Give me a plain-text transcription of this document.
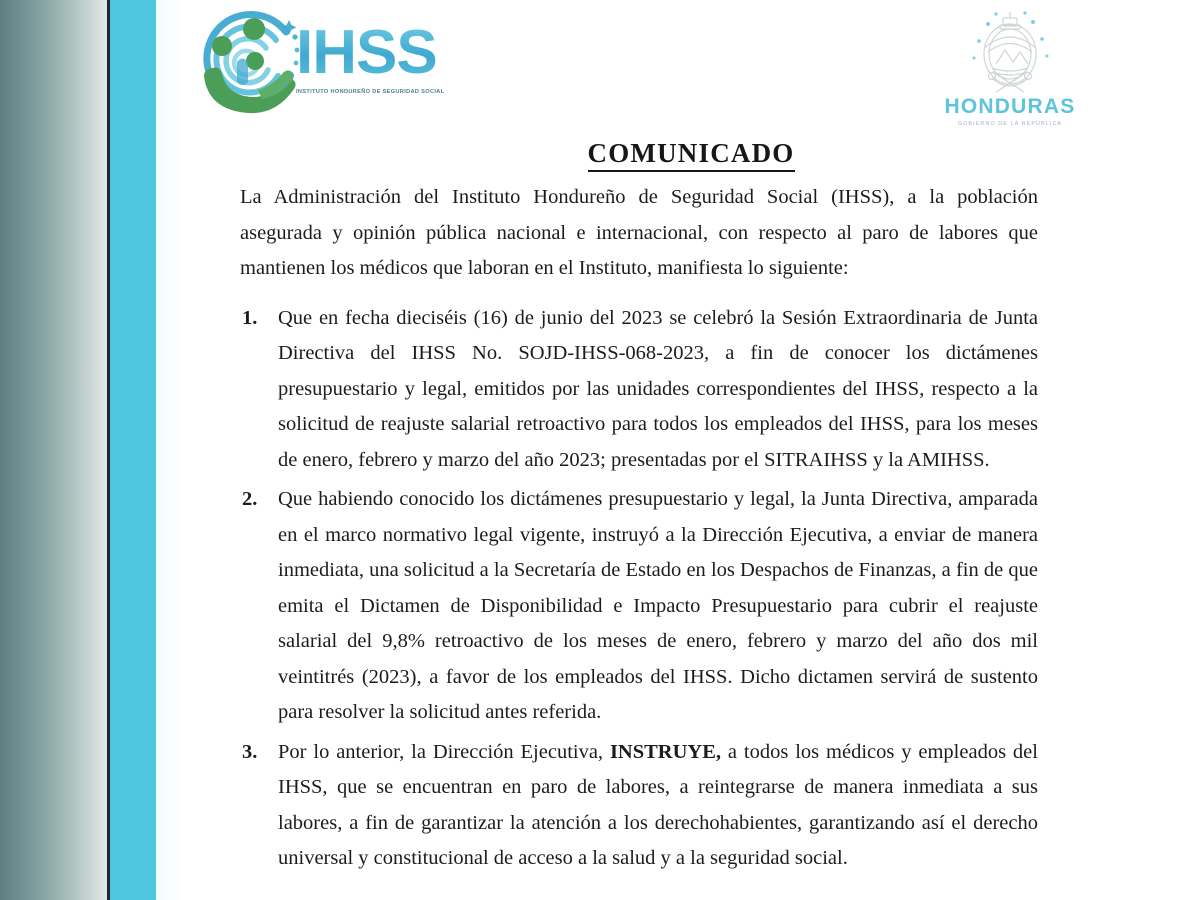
IHSS
INSTITUTO HONDUREÑO DE SEGURIDAD SOCIAL
HONDURAS
GOBIERNO DE LA REPÚBLICA
COMUNICADO

La Administración del Instituto Hondureño de Seguridad Social (IHSS), a la población asegurada y opinión pública nacional e internacional, con respecto al paro de labores que mantienen los médicos que laboran en el Instituto, manifiesta lo siguiente:

1. Que en fecha dieciséis (16) de junio del 2023 se celebró la Sesión Extraordinaria de Junta Directiva del IHSS No. SOJD-IHSS-068-2023, a fin de conocer los dictámenes presupuestario y legal, emitidos por las unidades correspondientes del IHSS, respecto a la solicitud de reajuste salarial retroactivo para todos los empleados del IHSS, para los meses de enero, febrero y marzo del año 2023; presentadas por el SITRAIHSS y la AMIHSS.
2. Que habiendo conocido los dictámenes presupuestario y legal, la Junta Directiva, amparada en el marco normativo legal vigente, instruyó a la Dirección Ejecutiva, a enviar de manera inmediata, una solicitud a la Secretaría de Estado en los Despachos de Finanzas, a fin de que emita el Dictamen de Disponibilidad e Impacto Presupuestario para cubrir el reajuste salarial del 9,8% retroactivo de los meses de enero, febrero y marzo del año dos mil veintitrés (2023), a favor de los empleados del IHSS. Dicho dictamen servirá de sustento para resolver la solicitud antes referida.
3. Por lo anterior, la Dirección Ejecutiva, INSTRUYE, a todos los médicos y empleados del IHSS, que se encuentran en paro de labores, a reintegrarse de manera inmediata a sus labores, a fin de garantizar la atención a los derechohabientes, garantizando así el derecho universal y constitucional de acceso a la salud y a la seguridad social.
